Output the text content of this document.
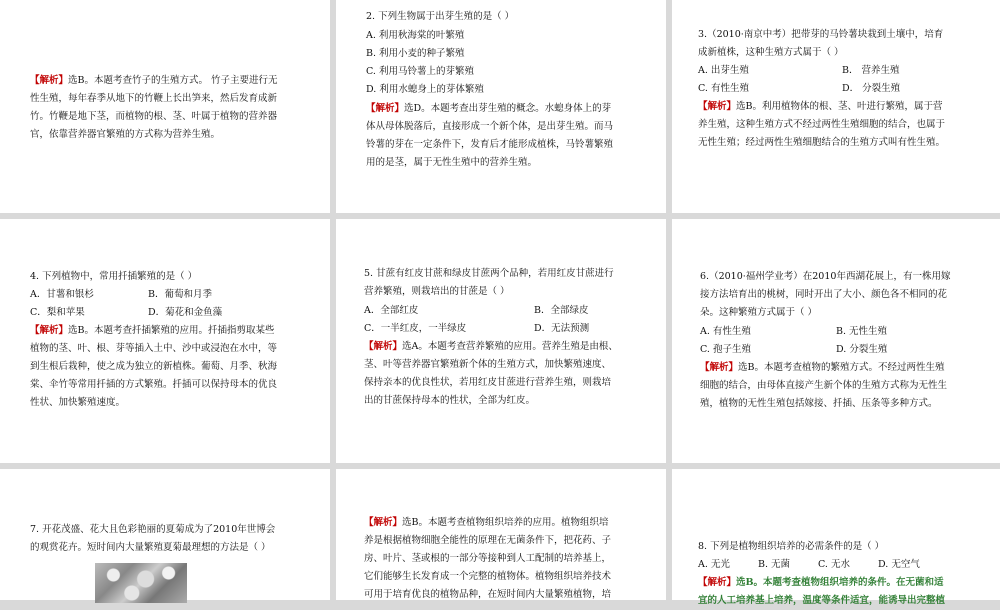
【解析】选B。本题考查竹子的生殖方式。 竹子主要进行无
性生殖，每年春季从地下的竹鞭上长出笋来，然后发育成新
竹。竹鞭是地下茎，而植物的根、茎、叶属于植物的营养器
官，依靠营养器官繁殖的方式称为营养生殖。
2. 下列生物属于出芽生殖的是（ ）
A. 利用秋海棠的叶繁殖
B. 利用小麦的种子繁殖
C. 利用马铃薯上的芽繁殖
D. 利用水螅身上的芽体繁殖
【解析】选D。本题考查出芽生殖的概念。水螅身体上的芽
体从母体脱落后，直接形成一个新个体，是出芽生殖。而马
铃薯的芽在一定条件下，发育后才能形成植株，马铃薯繁殖
用的是茎，属于无性生殖中的营养生殖。
3.（2010·南京中考）把带芽的马铃薯块栽到土壤中，培育
成新植株，这种生殖方式属于（ ）
A. 出芽生殖	B． 营养生殖
C. 有性生殖	D． 分裂生殖
【解析】选B。利用植物体的根、茎、叶进行繁殖，属于营
养生殖，这种生殖方式不经过两性生殖细胞的结合，也属于
无性生殖；经过两性生殖细胞结合的生殖方式叫有性生殖。
4. 下列植物中，常用扦插繁殖的是（ ）
A．甘薯和银杉	B．葡萄和月季
C．梨和苹果	D．菊花和金鱼藻
【解析】选B。本题考查扦插繁殖的应用。扦插指剪取某些
植物的茎、叶、根、芽等插入土中、沙中或浸泡在水中，等
到生根后栽种，使之成为独立的新植株。葡萄、月季、秋海
棠、伞竹等常用扦插的方式繁殖。扦插可以保持母本的优良
性状、加快繁殖速度。
5. 甘蔗有红皮甘蔗和绿皮甘蔗两个品种，若用红皮甘蔗进行
营养繁殖，则栽培出的甘蔗是（ ）
A．全部红皮	B．全部绿皮
C．一半红皮，一半绿皮	D．无法预测
【解析】选A。本题考查营养繁殖的应用。营养生殖是由根、
茎、叶等营养器官繁殖新个体的生殖方式，加快繁殖速度、
保持亲本的优良性状，若用红皮甘蔗进行营养生殖，则栽培
出的甘蔗保持母本的性状，全部为红皮。
6.（2010·福州学业考）在2010年西湖花展上，有一株用嫁
接方法培育出的桃树，同时开出了大小、颜色各不相同的花
朵。这种繁殖方式属于（ ）
A. 有性生殖	B. 无性生殖
C. 孢子生殖	D. 分裂生殖
【解析】选B。本题考查植物的繁殖方式。不经过两性生殖
细胞的结合，由母体直接产生新个体的生殖方式称为无性生
殖，植物的无性生殖包括嫁接、扦插、压条等多种方式。
7. 开花茂盛、花大且色彩艳丽的夏菊成为了2010年世博会
的观赏花卉。短时间内大量繁殖夏菊最理想的方法是（ ）
【解析】选B。本题考查植物组织培养的应用。植物组织培
养是根据植物细胞全能性的原理在无菌条件下，把花药、子
房、叶片、茎或根的一部分等接种到人工配制的培养基上，
它们能够生长发育成一个完整的植物体。植物组织培养技术
可用于培育优良的植物品种，在短时间内大量繁殖植物，培
8. 下列是植物组织培养的必需条件的是（ ）
A. 无光	B. 无菌	C. 无水	D. 无空气
【解析】选B。本题考查植物组织培养的条件。在无菌和适
宜的人工培养基上培养，温度等条件适宜，能诱导出完整植
